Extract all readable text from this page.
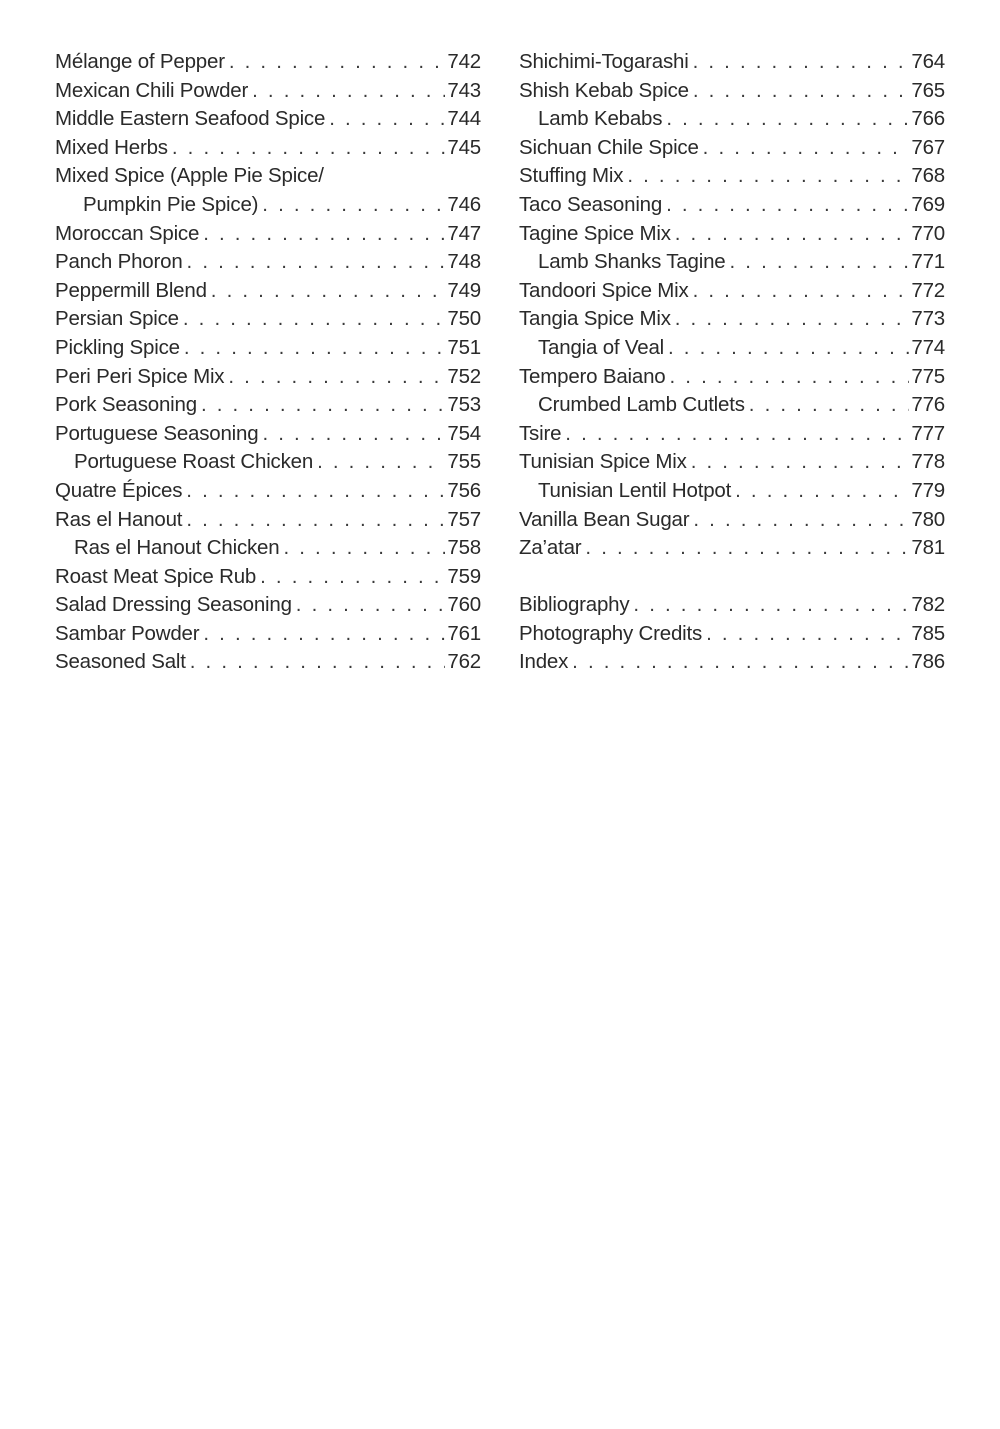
Mélange of Pepper . . .	742
Mexican Chili Powder . . .	743
Middle Eastern Seafood Spice . . .	744
Mixed Herbs . . .	745
Mixed Spice (Apple Pie Spice/
Pumpkin Pie Spice) . . .	746
Moroccan Spice . . .	747
Panch Phoron . . .	748
Peppermill Blend . . .	749
Persian Spice . . .	750
Pickling Spice . . .	751
Peri Peri Spice Mix . . .	752
Pork Seasoning . . .	753
Portuguese Seasoning . . .	754
Portuguese Roast Chicken . . .	755
Quatre Épices . . .	756
Ras el Hanout . . .	757
Ras el Hanout Chicken . . .	758
Roast Meat Spice Rub . . .	759
Salad Dressing Seasoning . . .	760
Sambar Powder . . .	761
Seasoned Salt . . .	762
Shichimi-Togarashi . . .	764
Shish Kebab Spice . . .	765
Lamb Kebabs . . .	766
Sichuan Chile Spice . . .	767
Stuffing Mix . . .	768
Taco Seasoning . . .	769
Tagine Spice Mix . . .	770
Lamb Shanks Tagine . . .	771
Tandoori Spice Mix . . .	772
Tangia Spice Mix . . .	773
Tangia of Veal . . .	774
Tempero Baiano . . .	775
Crumbed Lamb Cutlets . . .	776
Tsire . . .	777
Tunisian Spice Mix . . .	778
Tunisian Lentil Hotpot . . .	779
Vanilla Bean Sugar . . .	780
Za’atar . . .	781
Bibliography . . .	782
Photography Credits . . .	785
Index . . .	786
